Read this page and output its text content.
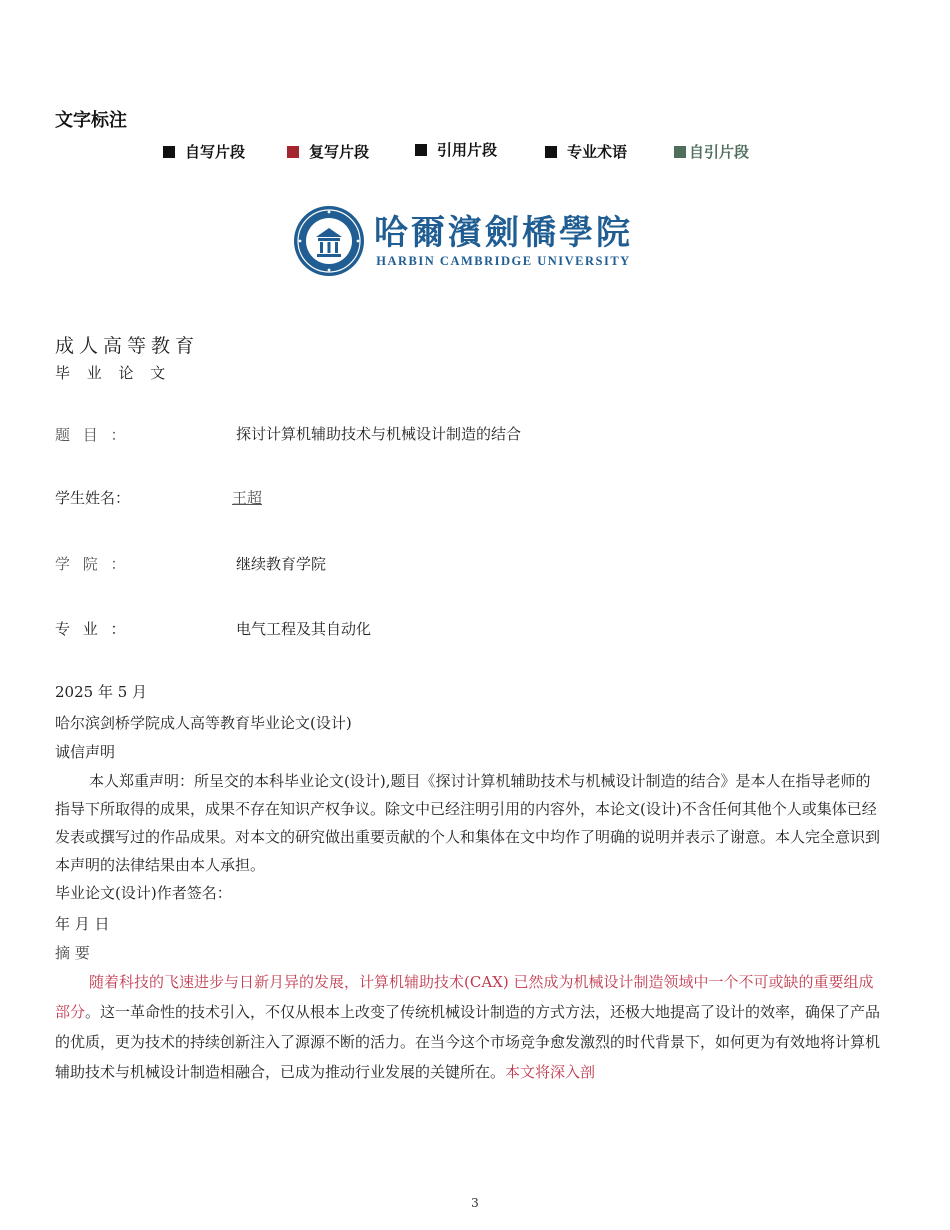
文字标注
自写片段	复写片段	引用片段	专业术语	自引片段
哈爾濱劍橋學院
HARBIN CAMBRIDGE UNIVERSITY
成人高等教育
毕 业 论 文
题 目 ：	探讨计算机辅助技术与机械设计制造的结合
学生姓名：	王超
学 院 ：	继续教育学院
专 业 ：	电气工程及其自动化
2025 年 5 月
哈尔滨剑桥学院成人高等教育毕业论文(设计)
诚信声明
本人郑重声明：所呈交的本科毕业论文(设计),题目《探讨计算机辅助技术与机械设计制造的结合》是本人在指导老师的指导下所取得的成果，成果不存在知识产权争议。除文中已经注明引用的内容外，本论文(设计)不含任何其他个人或集体已经发表或撰写过的作品成果。对本文的研究做出重要贡献的个人和集体在文中均作了明确的说明并表示了谢意。本人完全意识到本声明的法律结果由本人承担。
毕业论文(设计)作者签名：
年 月 日
摘 要
随着科技的飞速进步与日新月异的发展，计算机辅助技术(CAX) 已然成为机械设计制造领域中一个不可或缺的重要组成部分。这一革命性的技术引入，不仅从根本上改变了传统机械设计制造的方式方法，还极大地提高了设计的效率，确保了产品的优质，更为技术的持续创新注入了源源不断的活力。在当今这个市场竞争愈发激烈的时代背景下，如何更为有效地将计算机辅助技术与机械设计制造相融合，已成为推动行业发展的关键所在。本文将深入剖
3
